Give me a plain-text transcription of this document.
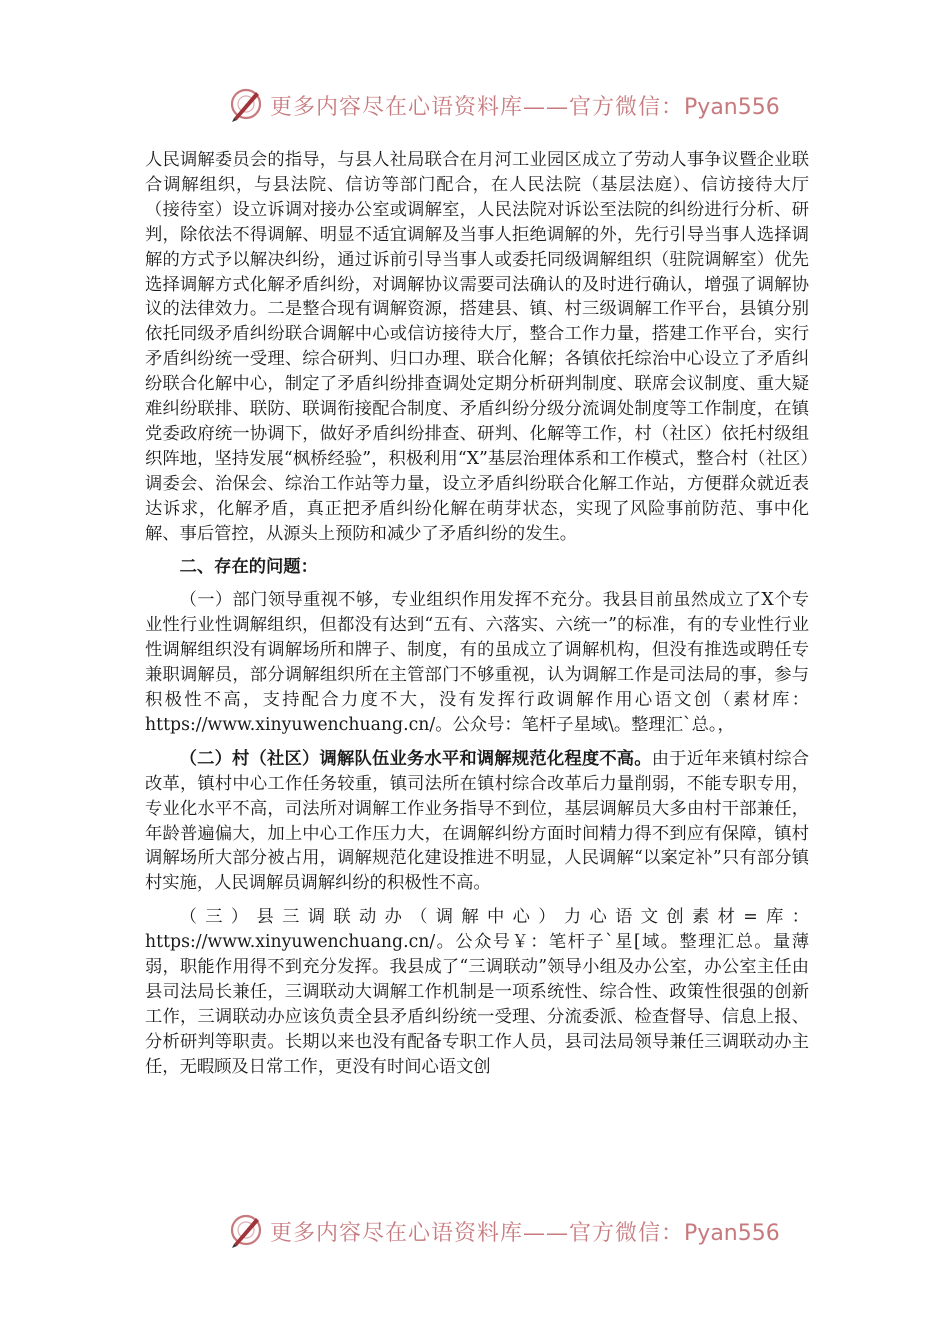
更多内容尽在心语资料库——官方微信：Pyan556

人民调解委员会的指导，与县人社局联合在月河工业园区成立了劳动人事争议暨企业联合调解组织，与县法院、信访等部门配合，在人民法院（基层法庭）、信访接待大厅（接待室）设立诉调对接办公室或调解室，人民法院对诉讼至法院的纠纷进行分析、研判，除依法不得调解、明显不适宜调解及当事人拒绝调解的外，先行引导当事人选择调解的方式予以解决纠纷，通过诉前引导当事人或委托同级调解组织（驻院调解室）优先选择调解方式化解矛盾纠纷，对调解协议需要司法确认的及时进行确认，增强了调解协议的法律效力。二是整合现有调解资源，搭建县、镇、村三级调解工作平台，县镇分别依托同级矛盾纠纷联合调解中心或信访接待大厅，整合工作力量，搭建工作平台，实行矛盾纠纷统一受理、综合研判、归口办理、联合化解；各镇依托综治中心设立了矛盾纠纷联合化解中心，制定了矛盾纠纷排查调处定期分析研判制度、联席会议制度、重大疑难纠纷联排、联防、联调衔接配合制度、矛盾纠纷分级分流调处制度等工作制度，在镇党委政府统一协调下，做好矛盾纠纷排查、研判、化解等工作，村（社区）依托村级组织阵地，坚持发展“枫桥经验”，积极利用“X”基层治理体系和工作模式，整合村（社区）调委会、治保会、综治工作站等力量，设立矛盾纠纷联合化解工作站，方便群众就近表达诉求，化解矛盾，真正把矛盾纠纷化解在萌芽状态，实现了风险事前防范、事中化解、事后管控，从源头上预防和减少了矛盾纠纷的发生。

二、存在的问题：

（一）部门领导重视不够，专业组织作用发挥不充分。我县目前虽然成立了X个专业性行业性调解组织，但都没有达到“五有、六落实、六统一”的标准，有的专业性行业性调解组织没有调解场所和牌子、制度，有的虽成立了调解机构，但没有推选或聘任专兼职调解员，部分调解组织所在主管部门不够重视，认为调解工作是司法局的事，参与积极性不高，支持配合力度不大，没有发挥行政调解作用心语文创（素材库：https://www.xinyuwenchuang.cn/。公众号：笔杆子星域\。整理汇`总。，

（二）村（社区）调解队伍业务水平和调解规范化程度不高。由于近年来镇村综合改革，镇村中心工作任务较重，镇司法所在镇村综合改革后力量削弱，不能专职专用，专业化水平不高，司法所对调解工作业务指导不到位，基层调解员大多由村干部兼任，年龄普遍偏大，加上中心工作压力大，在调解纠纷方面时间精力得不到应有保障，镇村调解场所大部分被占用，调解规范化建设推进不明显，人民调解“以案定补”只有部分镇村实施，人民调解员调解纠纷的积极性不高。

（三）县三调联动办（调解中心）力心语文创素材=库：https://www.xinyuwenchuang.cn/。公众号￥：笔杆子`星[域。整理汇总。量薄弱，职能作用得不到充分发挥。我县成了“三调联动”领导小组及办公室，办公室主任由县司法局长兼任，三调联动大调解工作机制是一项系统性、综合性、政策性很强的创新工作，三调联动办应该负责全县矛盾纠纷统一受理、分流委派、检查督导、信息上报、分析研判等职责。长期以来也没有配备专职工作人员，县司法局领导兼任三调联动办主任，无暇顾及日常工作，更没有时间心语文创

更多内容尽在心语资料库——官方微信：Pyan556
